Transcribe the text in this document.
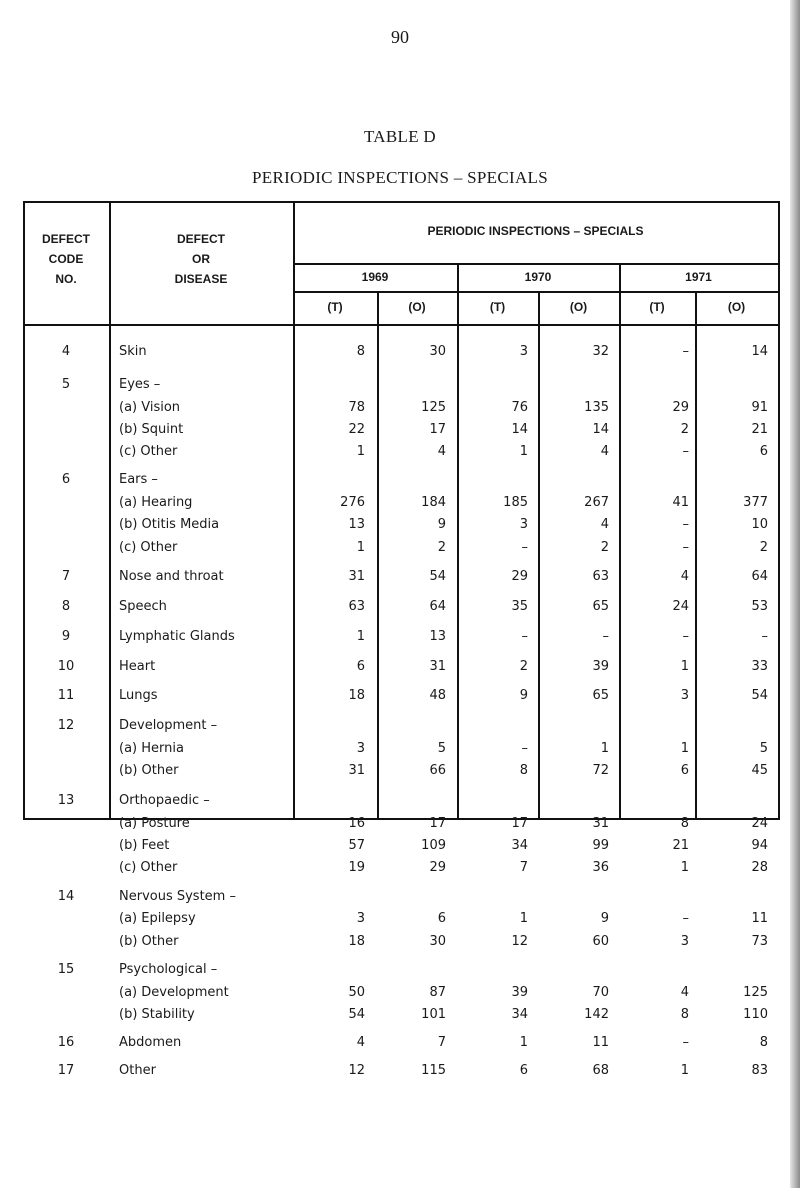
90
TABLE D
PERIODIC INSPECTIONS – SPECIALS
DEFECT
CODE
NO.
DEFECT
OR
DISEASE
PERIODIC INSPECTIONS – SPECIALS
1969	1970	1971
(T)	(O)	(T)	(O)	(T)	(O)
4	Skin	8	30	3	32	–	14
5	Eyes –
(a) Vision	78	125	76	135	29	91
(b) Squint	22	17	14	14	2	21
(c) Other	1	4	1	4	–	6
6	Ears –
(a) Hearing	276	184	185	267	41	377
(b) Otitis Media	13	9	3	4	–	10
(c) Other	1	2	–	2	–	2
7	Nose and throat	31	54	29	63	4	64
8	Speech	63	64	35	65	24	53
9	Lymphatic Glands	1	13	–	–	–	–
10	Heart	6	31	2	39	1	33
11	Lungs	18	48	9	65	3	54
12	Development –
(a) Hernia	3	5	–	1	1	5
(b) Other	31	66	8	72	6	45
13	Orthopaedic –
(a) Posture	16	17	17	31	8	24
(b) Feet	57	109	34	99	21	94
(c) Other	19	29	7	36	1	28
14	Nervous System –
(a) Epilepsy	3	6	1	9	–	11
(b) Other	18	30	12	60	3	73
15	Psychological –
(a) Development	50	87	39	70	4	125
(b) Stability	54	101	34	142	8	110
16	Abdomen	4	7	1	11	–	8
17	Other	12	115	6	68	1	83
